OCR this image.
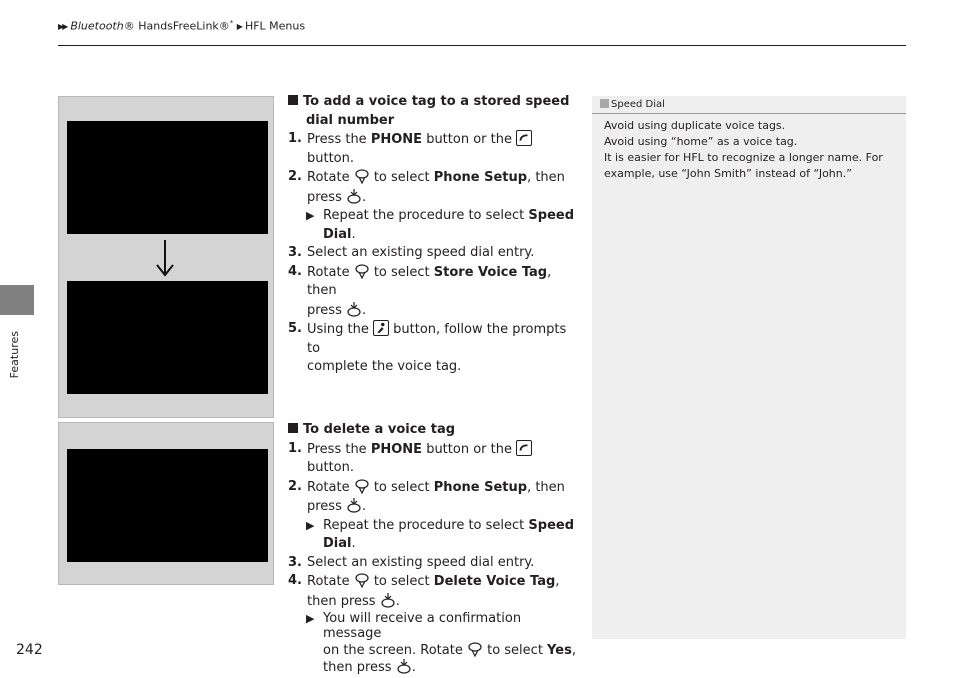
▶▶ Bluetooth® HandsFreeLink®* ▶ HFL Menus
Features
242
To add a voice tag to a stored speed
dial number
1. Press the PHONE button or the
button.
2. Rotate  to select Phone Setup, then
press .
▶ Repeat the procedure to select Speed
Dial.
3. Select an existing speed dial entry.
4. Rotate  to select Store Voice Tag, then
press .
5. Using the
button, follow the prompts to
complete the voice tag.
To delete a voice tag
1. Press the PHONE button or the
button.
2. Rotate  to select Phone Setup, then
press .
▶ Repeat the procedure to select Speed
Dial.
3. Select an existing speed dial entry.
4. Rotate  to select Delete Voice Tag,
then press .
▶ You will receive a confirmation message
on the screen. Rotate  to select Yes,
then press .
Speed Dial

Avoid using duplicate voice tags.

Avoid using “home” as a voice tag.

It is easier for HFL to recognize a longer name. For

example, use “John Smith” instead of “John.”
